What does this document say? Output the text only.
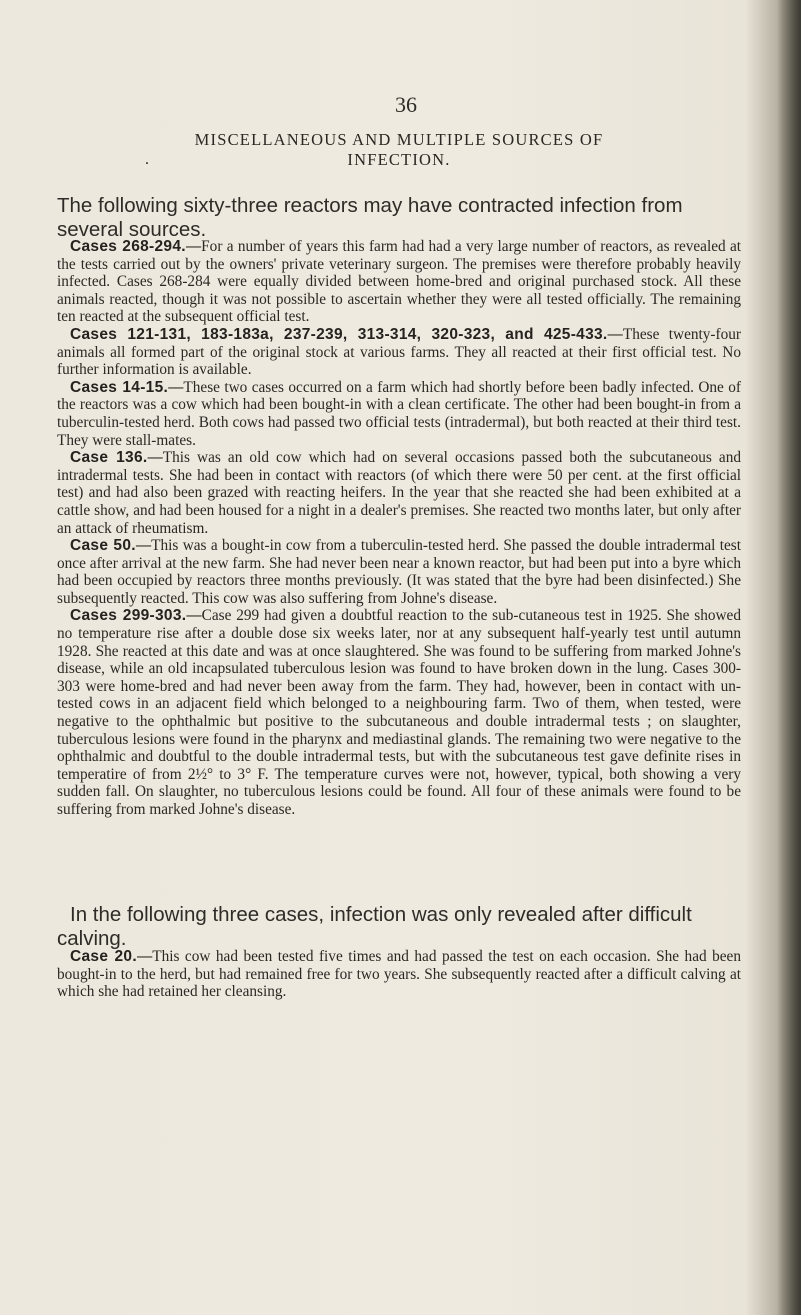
36
MISCELLANEOUS AND MULTIPLE SOURCES OF
.	INFECTION.

The following sixty-three reactors may have contracted infection from several sources.

Cases 268-294.—For a number of years this farm had had a very large number of reactors, as revealed at the tests carried out by the owners' private veterinary surgeon. The premises were therefore probably heavily infected. Cases 268-284 were equally divided between home-bred and original purchased stock. All these animals reacted, though it was not possible to ascertain whether they were all tested officially. The remaining ten reacted at the subsequent official test.

Cases 121-131, 183-183a, 237-239, 313-314, 320-323, and 425-433.—These twenty-four animals all formed part of the original stock at various farms. They all reacted at their first official test. No further information is available.

Cases 14-15.—These two cases occurred on a farm which had shortly before been badly infected. One of the reactors was a cow which had been bought-in with a clean certificate. The other had been bought-in from a tuberculin-tested herd. Both cows had passed two official tests (intradermal), but both reacted at their third test. They were stall-mates.

Case 136.—This was an old cow which had on several occasions passed both the subcutaneous and intradermal tests. She had been in contact with reactors (of which there were 50 per cent. at the first official test) and had also been grazed with reacting heifers. In the year that she reacted she had been exhibited at a cattle show, and had been housed for a night in a dealer's premises. She reacted two months later, but only after an attack of rheumatism.

Case 50.—This was a bought-in cow from a tuberculin-tested herd. She passed the double intradermal test once after arrival at the new farm. She had never been near a known reactor, but had been put into a byre which had been occupied by reactors three months previously. (It was stated that the byre had been disinfected.) She subsequently reacted. This cow was also suffering from Johne's disease.

Cases 299-303.—Case 299 had given a doubtful reaction to the sub-cutaneous test in 1925. She showed no temperature rise after a double dose six weeks later, nor at any subsequent half-yearly test until autumn 1928. She reacted at this date and was at once slaughtered. She was found to be suffering from marked Johne's disease, while an old incapsulated tuberculous lesion was found to have broken down in the lung. Cases 300-303 were home-bred and had never been away from the farm. They had, however, been in contact with un-tested cows in an adjacent field which belonged to a neighbouring farm. Two of them, when tested, were negative to the ophthalmic but positive to the subcutaneous and double intradermal tests ; on slaughter, tuberculous lesions were found in the pharynx and mediastinal glands. The remaining two were negative to the ophthalmic and doubtful to the double intradermal tests, but with the subcutaneous test gave definite rises in temperatire of from 2½° to 3° F. The temperature curves were not, however, typical, both showing a very sudden fall. On slaughter, no tuberculous lesions could be found. All four of these animals were found to be suffering from marked Johne's disease.

In the following three cases, infection was only revealed after difficult calving.

Case 20.—This cow had been tested five times and had passed the test on each occasion. She had been bought-in to the herd, but had remained free for two years. She subsequently reacted after a difficult calving at which she had retained her cleansing.
